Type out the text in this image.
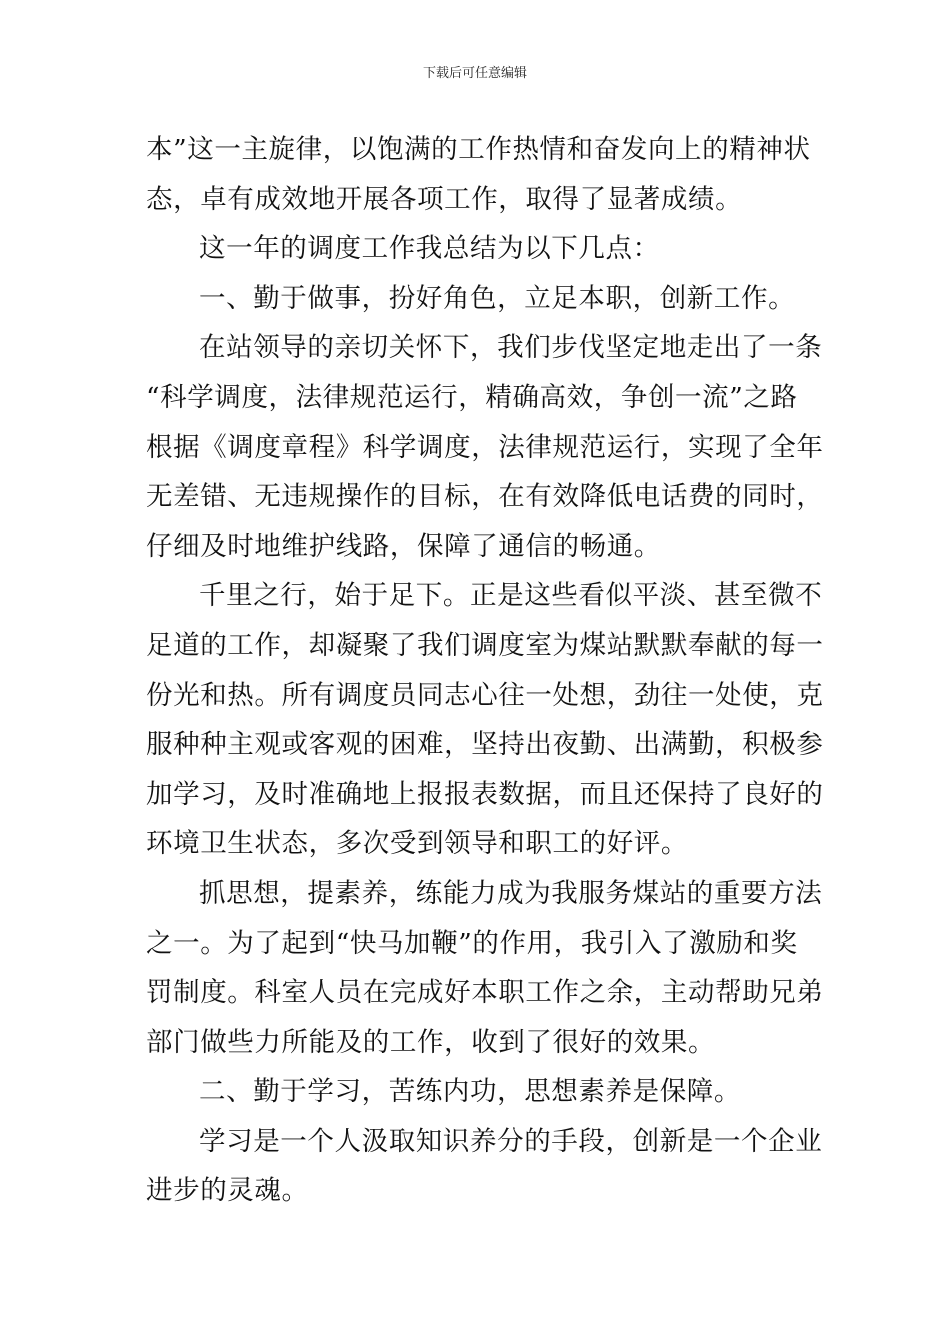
下载后可任意编辑
本”这一主旋律，以饱满的工作热情和奋发向上的精神状
态，卓有成效地开展各项工作，取得了显著成绩。
这一年的调度工作我总结为以下几点：
一、勤于做事，扮好角色，立足本职，创新工作。
在站领导的亲切关怀下，我们步伐坚定地走出了一条
“科学调度，法律规范运行，精确高效，争创一流”之路
根据《调度章程》科学调度，法律规范运行，实现了全年
无差错、无违规操作的目标，在有效降低电话费的同时，
仔细及时地维护线路，保障了通信的畅通。
千里之行，始于足下。正是这些看似平淡、甚至微不
足道的工作，却凝聚了我们调度室为煤站默默奉献的每一
份光和热。所有调度员同志心往一处想，劲往一处使，克
服种种主观或客观的困难，坚持出夜勤、出满勤，积极参
加学习，及时准确地上报报表数据，而且还保持了良好的
环境卫生状态，多次受到领导和职工的好评。
抓思想，提素养，练能力成为我服务煤站的重要方法
之一。为了起到“快马加鞭”的作用，我引入了激励和奖
罚制度。科室人员在完成好本职工作之余，主动帮助兄弟
部门做些力所能及的工作，收到了很好的效果。
二、勤于学习，苦练内功，思想素养是保障。
学习是一个人汲取知识养分的手段，创新是一个企业
进步的灵魂。
